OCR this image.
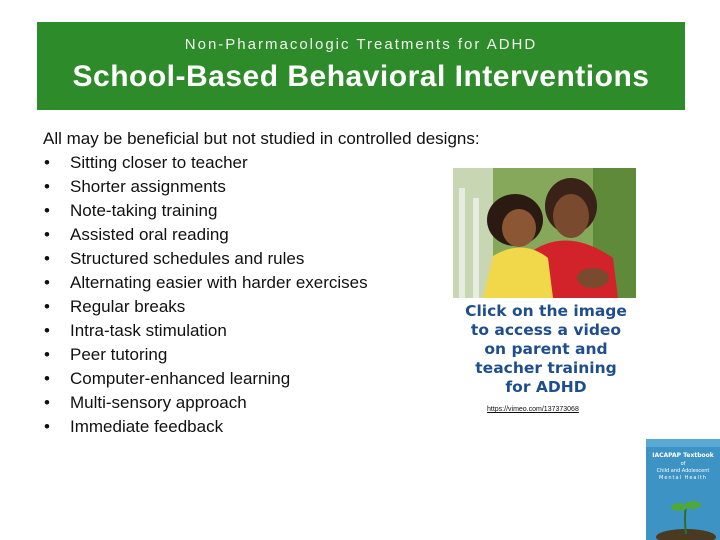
Non-Pharmacologic Treatments for ADHD
School-Based Behavioral Interventions
All may be beneficial but not studied in controlled designs:
• Sitting closer to teacher
• Shorter assignments
• Note-taking training
• Assisted oral reading
• Structured schedules and rules
• Alternating easier with harder exercises
• Regular breaks
• Intra-task stimulation
• Peer tutoring
• Computer-enhanced learning
• Multi-sensory approach
• Immediate feedback
Click on the image to access a video on parent and teacher training for ADHD
https://vimeo.com/137373068
IACAPAP Textbook
of
Child and Adolescent
Mental Health
